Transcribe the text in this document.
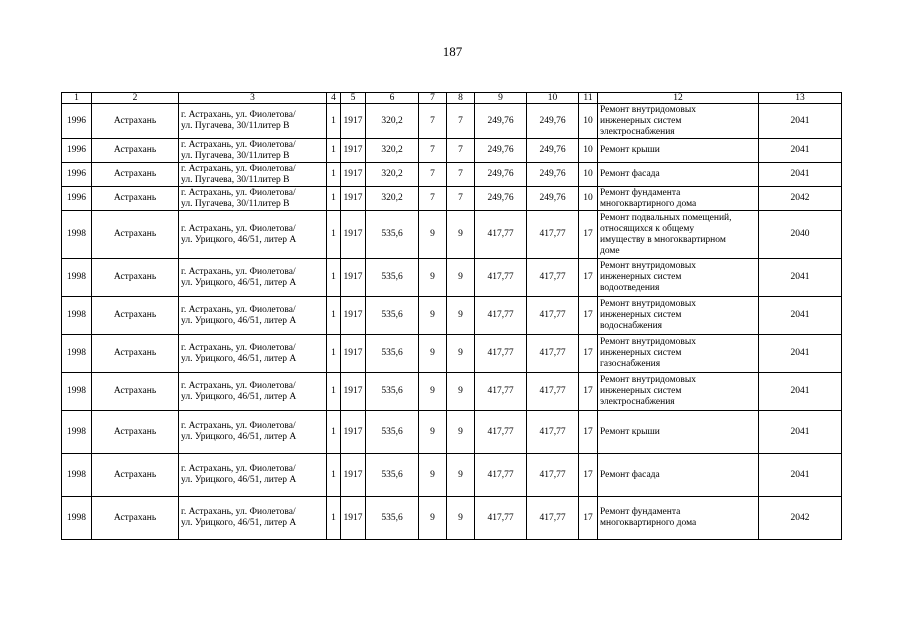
187
1	2	3	4	5	6	7	8	9	10	11	12	13
1996	Астрахань	г. Астрахань, ул. Фиолетова/
ул. Пугачева, 30/11литер В	1	1917	320,2	7	7	249,76	249,76	10	Ремонт внутридомовых
инженерных систем
электроснабжения	2041
1996	Астрахань	г. Астрахань, ул. Фиолетова/
ул. Пугачева, 30/11литер В	1	1917	320,2	7	7	249,76	249,76	10	Ремонт крыши	2041
1996	Астрахань	г. Астрахань, ул. Фиолетова/
ул. Пугачева, 30/11литер В	1	1917	320,2	7	7	249,76	249,76	10	Ремонт фасада	2041
1996	Астрахань	г. Астрахань, ул. Фиолетова/
ул. Пугачева, 30/11литер В	1	1917	320,2	7	7	249,76	249,76	10	Ремонт фундамента
многоквартирного дома	2042
1998	Астрахань	г. Астрахань, ул. Фиолетова/
ул. Урицкого, 46/51, литер А	1	1917	535,6	9	9	417,77	417,77	17	Ремонт подвальных помещений,
относящихся к общему
имуществу в многоквартирном
доме	2040
1998	Астрахань	г. Астрахань, ул. Фиолетова/
ул. Урицкого, 46/51, литер А	1	1917	535,6	9	9	417,77	417,77	17	Ремонт внутридомовых
инженерных систем
водоотведения	2041
1998	Астрахань	г. Астрахань, ул. Фиолетова/
ул. Урицкого, 46/51, литер А	1	1917	535,6	9	9	417,77	417,77	17	Ремонт внутридомовых
инженерных систем
водоснабжения	2041
1998	Астрахань	г. Астрахань, ул. Фиолетова/
ул. Урицкого, 46/51, литер А	1	1917	535,6	9	9	417,77	417,77	17	Ремонт внутридомовых
инженерных систем
газоснабжения	2041
1998	Астрахань	г. Астрахань, ул. Фиолетова/
ул. Урицкого, 46/51, литер А	1	1917	535,6	9	9	417,77	417,77	17	Ремонт внутридомовых
инженерных систем
электроснабжения	2041
1998	Астрахань	г. Астрахань, ул. Фиолетова/
ул. Урицкого, 46/51, литер А	1	1917	535,6	9	9	417,77	417,77	17	Ремонт крыши	2041
1998	Астрахань	г. Астрахань, ул. Фиолетова/
ул. Урицкого, 46/51, литер А	1	1917	535,6	9	9	417,77	417,77	17	Ремонт фасада	2041
1998	Астрахань	г. Астрахань, ул. Фиолетова/
ул. Урицкого, 46/51, литер А	1	1917	535,6	9	9	417,77	417,77	17	Ремонт фундамента
многоквартирного дома	2042
